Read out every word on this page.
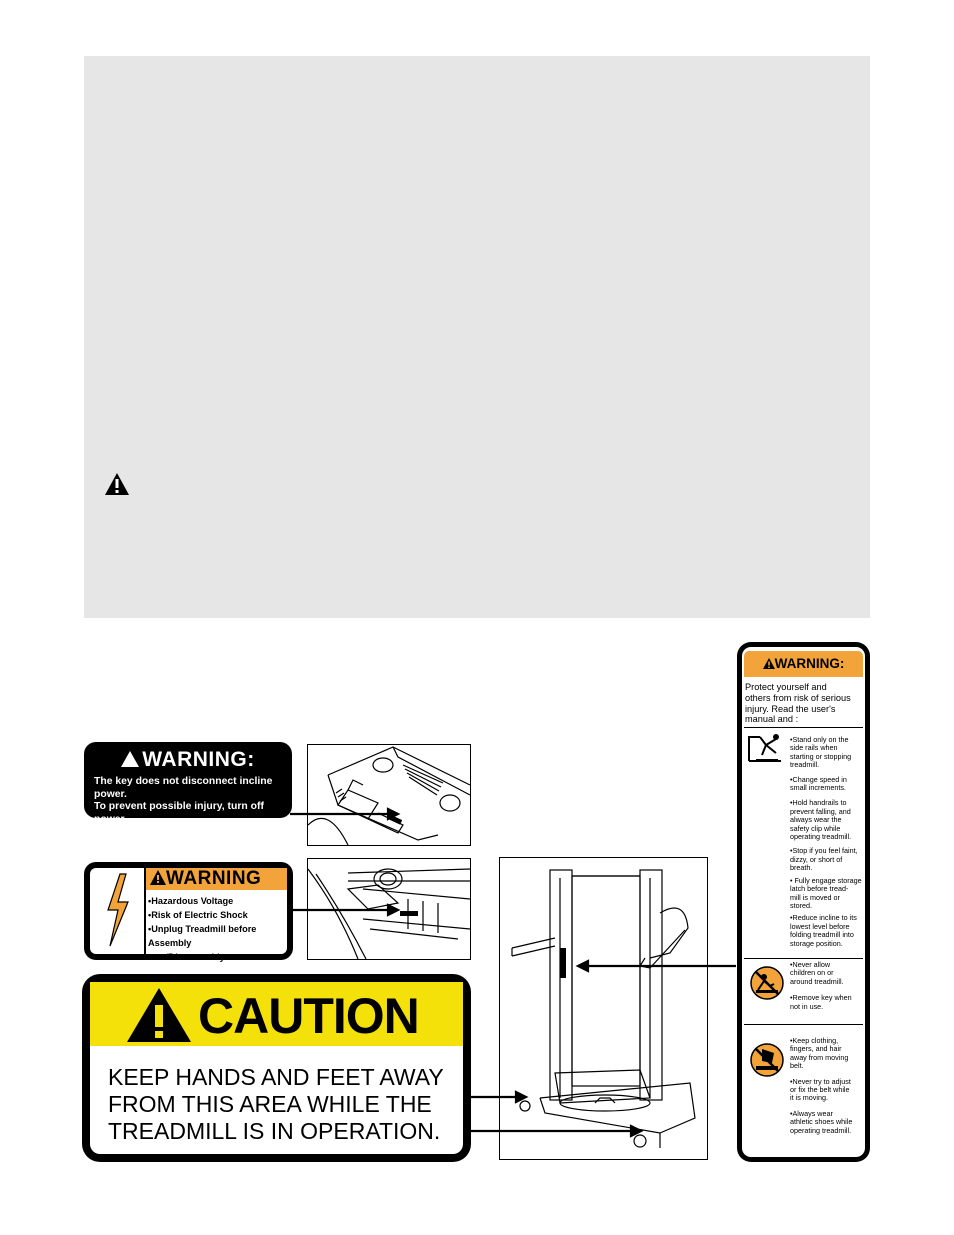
WARNING:
The key does not disconnect incline power.
To prevent possible injury, turn off power
switch and unplug treadmill when not in use.
WARNING
•Hazardous Voltage
•Risk of Electric Shock
•Unplug Treadmill before Assembly
/Disassembly.
CAUTION
KEEP HANDS AND FEET AWAY
FROM THIS AREA WHILE THE
TREADMILL IS IN OPERATION.
WARNING:
Protect yourself and
others from risk of serious
injury. Read the user's
manual and :
•Stand only on the
side rails when
starting or stopping
treadmill.
•Change speed in
small increments.
•Hold handrails to
prevent falling, and
always wear the
safety clip while
operating treadmill.
•Stop if you feel faint,
dizzy, or short of
breath.
• Fully engage storage
latch before tread-
mill is moved or
stored.
•Reduce incline to its
lowest level before
folding treadmill into
storage position.
•Never allow
children on or
around treadmill.
•Remove key when
not in use.
•Keep clothing,
fingers, and hair
away from moving
belt.
•Never try to adjust
or fix the belt while
it is moving.
•Always wear
athletic shoes while
operating treadmill.
